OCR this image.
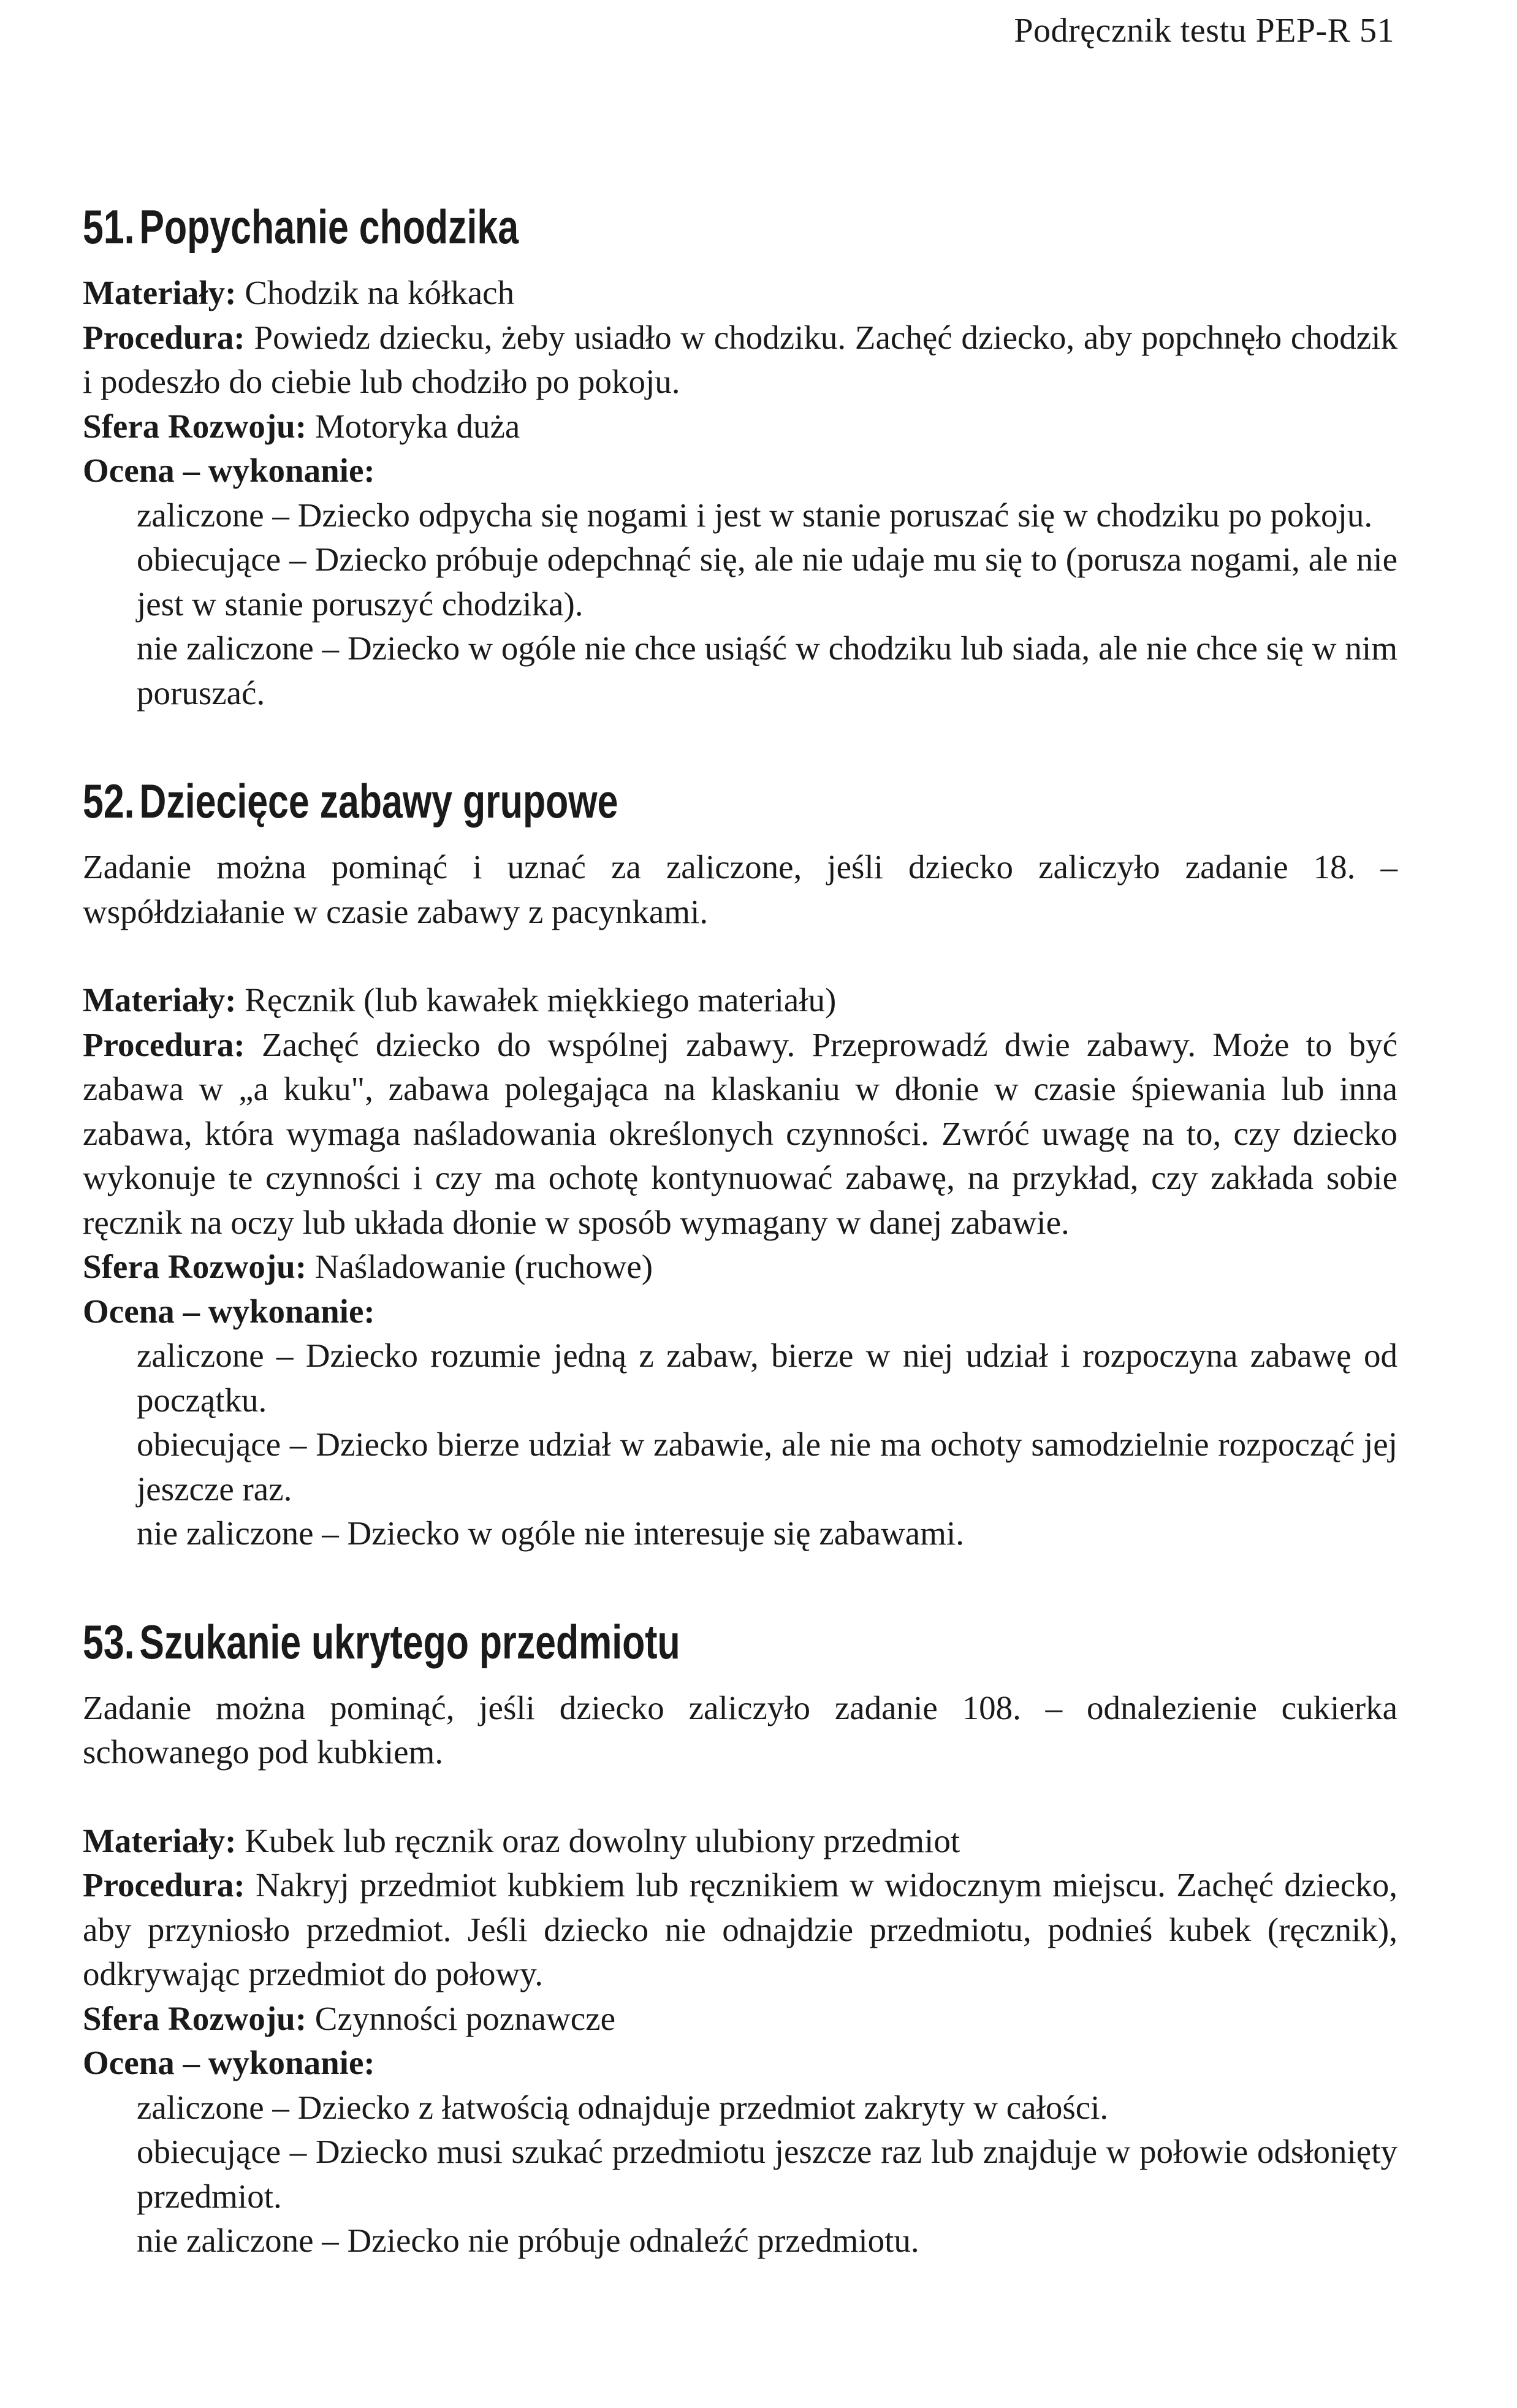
Podręcznik testu PEP-R 51
51. Popychanie chodzika

Materiały: Chodzik na kółkach

Procedura: Powiedz dziecku, żeby usiadło w chodziku. Zachęć dziecko, aby popchnęło chodzik i podeszło do ciebie lub chodziło po pokoju.

Sfera Rozwoju: Motoryka duża

Ocena – wykonanie:

zaliczone – Dziecko odpycha się nogami i jest w stanie poruszać się w chodziku po pokoju.

obiecujące – Dziecko próbuje odepchnąć się, ale nie udaje mu się to (porusza nogami, ale nie jest w stanie poruszyć chodzika).

nie zaliczone – Dziecko w ogóle nie chce usiąść w chodziku lub siada, ale nie chce się w nim poruszać.

52. Dziecięce zabawy grupowe

Zadanie można pominąć i uznać za zaliczone, jeśli dziecko zaliczyło zadanie 18. – współdziałanie w czasie zabawy z pacynkami.

Materiały: Ręcznik (lub kawałek miękkiego materiału)

Procedura: Zachęć dziecko do wspólnej zabawy. Przeprowadź dwie zabawy. Może to być zabawa w „a kuku", zabawa polegająca na klaskaniu w dłonie w czasie śpiewania lub inna zabawa, która wymaga naśladowania określonych czynności. Zwróć uwagę na to, czy dziecko wykonuje te czynności i czy ma ochotę kontynuować zabawę, na przykład, czy zakłada sobie ręcznik na oczy lub układa dłonie w sposób wymagany w danej zabawie.

Sfera Rozwoju: Naśladowanie (ruchowe)

Ocena – wykonanie:

zaliczone – Dziecko rozumie jedną z zabaw, bierze w niej udział i rozpoczyna zabawę od początku.

obiecujące – Dziecko bierze udział w zabawie, ale nie ma ochoty samodzielnie rozpocząć jej jeszcze raz.

nie zaliczone – Dziecko w ogóle nie interesuje się zabawami.

53. Szukanie ukrytego przedmiotu

Zadanie można pominąć, jeśli dziecko zaliczyło zadanie 108. – odnalezienie cukierka schowanego pod kubkiem.

Materiały: Kubek lub ręcznik oraz dowolny ulubiony przedmiot

Procedura: Nakryj przedmiot kubkiem lub ręcznikiem w widocznym miejscu. Zachęć dziecko, aby przyniosło przedmiot. Jeśli dziecko nie odnajdzie przedmiotu, podnieś kubek (ręcznik), odkrywając przedmiot do połowy.

Sfera Rozwoju: Czynności poznawcze

Ocena – wykonanie:

zaliczone – Dziecko z łatwością odnajduje przedmiot zakryty w całości.

obiecujące – Dziecko musi szukać przedmiotu jeszcze raz lub znajduje w połowie odsłonięty przedmiot.

nie zaliczone – Dziecko nie próbuje odnaleźć przedmiotu.
